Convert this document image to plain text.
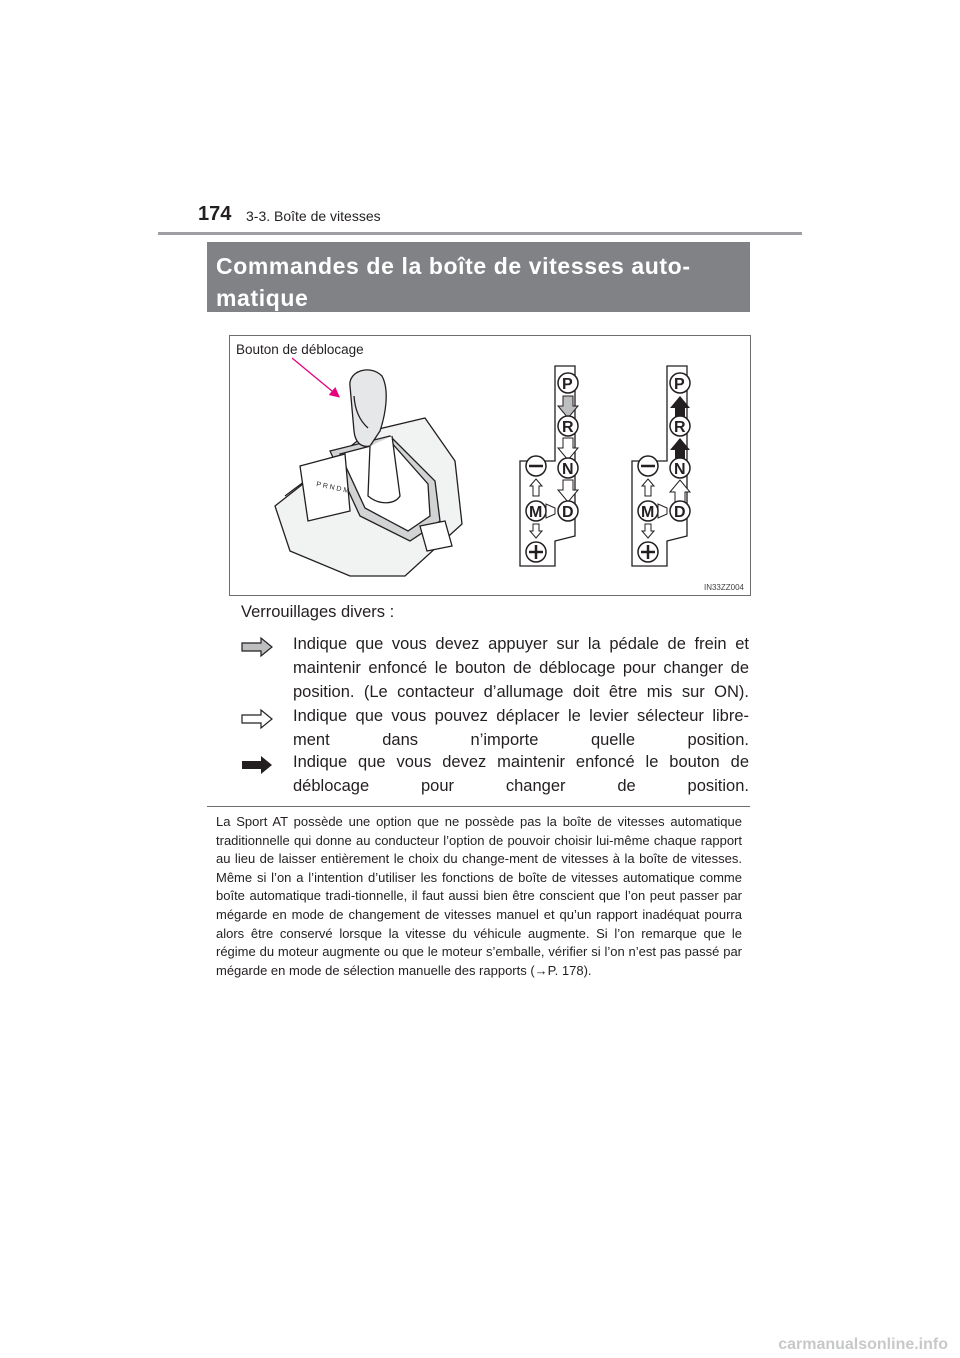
174 3-3. Boîte de vitesses
Commandes de la boîte de vitesses auto-
matique
P R N D M
P
R
N
D
M
P
R
N
D
M
Bouton de déblocage
IN33ZZ004
Verrouillages divers :
Indique que vous devez appuyer sur la pédale de frein et maintenir enfoncé le bouton de déblocage pour changer de position. (Le contacteur d’allumage doit être mis sur ON).
Indique que vous pouvez déplacer le levier sélecteur libre-ment dans n’importe quelle position.
Indique que vous devez maintenir enfoncé le bouton de déblocage pour changer de position.
La Sport AT possède une option que ne possède pas la boîte de vitesses automatique traditionnelle qui donne au conducteur l’option de pouvoir choisir lui-même chaque rapport au lieu de laisser entièrement le choix du change-ment de vitesses à la boîte de vitesses. Même si l’on a l’intention d’utiliser les fonctions de boîte de vitesses automatique comme boîte automatique tradi-tionnelle, il faut aussi bien être conscient que l’on peut passer par mégarde en mode de changement de vitesses manuel et qu’un rapport inadéquat pourra alors être conservé lorsque la vitesse du véhicule augmente. Si l’on remarque que le régime du moteur augmente ou que le moteur s’emballe, vérifier si l’on n’est pas passé par mégarde en mode de sélection manuelle des rapports (→P. 178).
carmanualsonline.info
